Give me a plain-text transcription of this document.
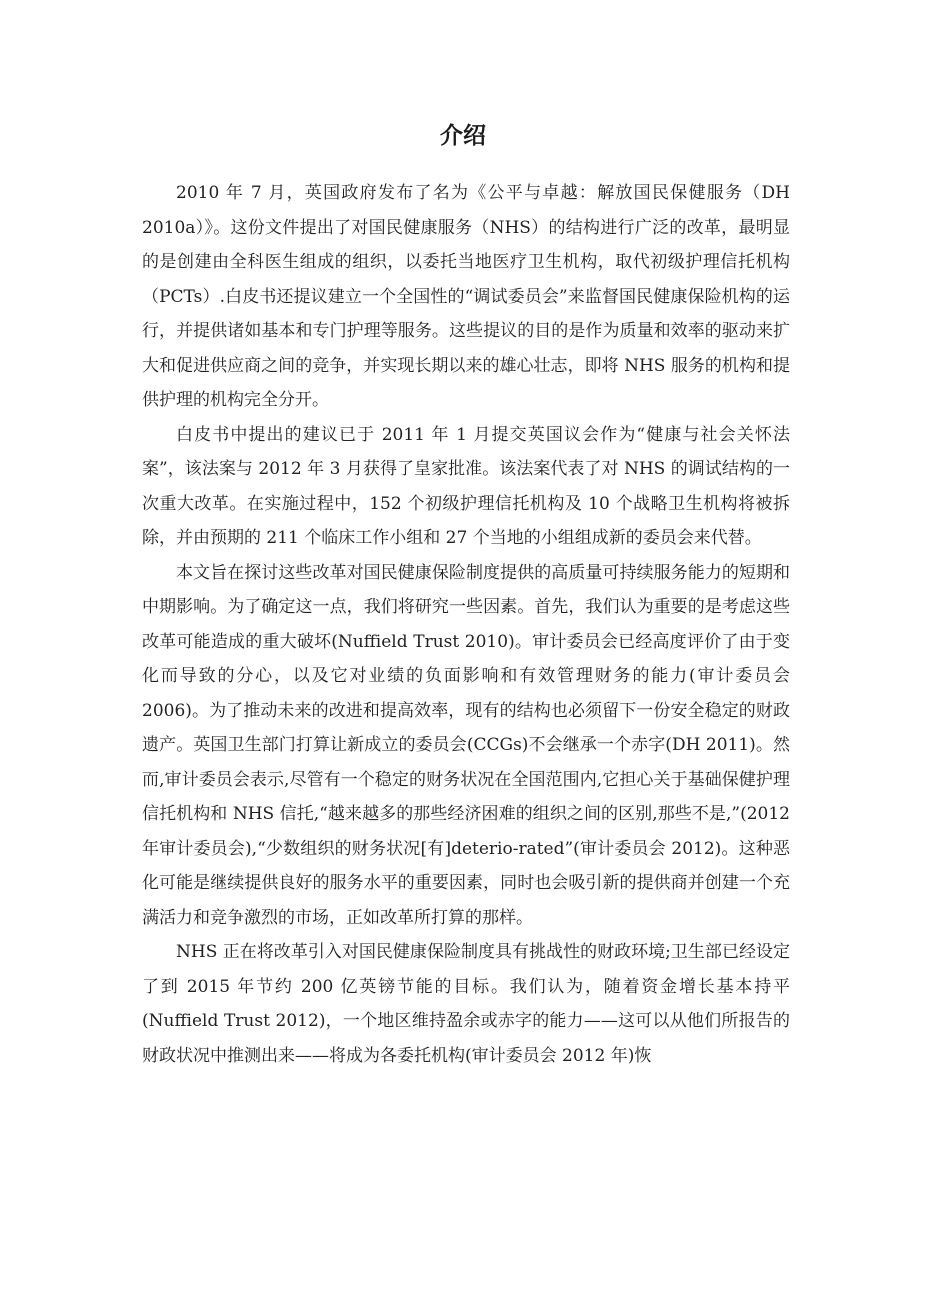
介绍

2010 年 7 月，英国政府发布了名为《公平与卓越：解放国民保健服务（DH 2010a）》。这份文件提出了对国民健康服务（NHS）的结构进行广泛的改革，最明显的是创建由全科医生组成的组织，以委托当地医疗卫生机构，取代初级护理信托机构（PCTs）.白皮书还提议建立一个全国性的“调试委员会”来监督国民健康保险机构的运行，并提供诸如基本和专门护理等服务。这些提议的目的是作为质量和效率的驱动来扩大和促进供应商之间的竞争，并实现长期以来的雄心壮志，即将 NHS 服务的机构和提供护理的机构完全分开。

白皮书中提出的建议已于 2011 年 1 月提交英国议会作为“健康与社会关怀法案”，该法案与 2012 年 3 月获得了皇家批准。该法案代表了对 NHS 的调试结构的一次重大改革。在实施过程中，152 个初级护理信托机构及 10 个战略卫生机构将被拆除，并由预期的 211 个临床工作小组和 27 个当地的小组组成新的委员会来代替。

本文旨在探讨这些改革对国民健康保险制度提供的高质量可持续服务能力的短期和中期影响。为了确定这一点，我们将研究一些因素。首先，我们认为重要的是考虑这些改革可能造成的重大破坏(Nuffield Trust 2010)。审计委员会已经高度评价了由于变化而导致的分心，以及它对业绩的负面影响和有效管理财务的能力(审计委员会 2006)。为了推动未来的改进和提高效率，现有的结构也必须留下一份安全稳定的财政遗产。英国卫生部门打算让新成立的委员会(CCGs)不会继承一个赤字(DH 2011)。然而,审计委员会表示,尽管有一个稳定的财务状况在全国范围内,它担心关于基础保健护理信托机构和 NHS 信托,“越来越多的那些经济困难的组织之间的区别,那些不是,”(2012 年审计委员会),“少数组织的财务状况[有]deterio-rated”(审计委员会 2012)。这种恶化可能是继续提供良好的服务水平的重要因素，同时也会吸引新的提供商并创建一个充满活力和竞争激烈的市场，正如改革所打算的那样。

NHS 正在将改革引入对国民健康保险制度具有挑战性的财政环境;卫生部已经设定了到 2015 年节约 200 亿英镑节能的目标。我们认为，随着资金增长基本持平(Nuffield Trust 2012)，一个地区维持盈余或赤字的能力——这可以从他们所报告的财政状况中推测出来——将成为各委托机构(审计委员会 2012 年)恢
